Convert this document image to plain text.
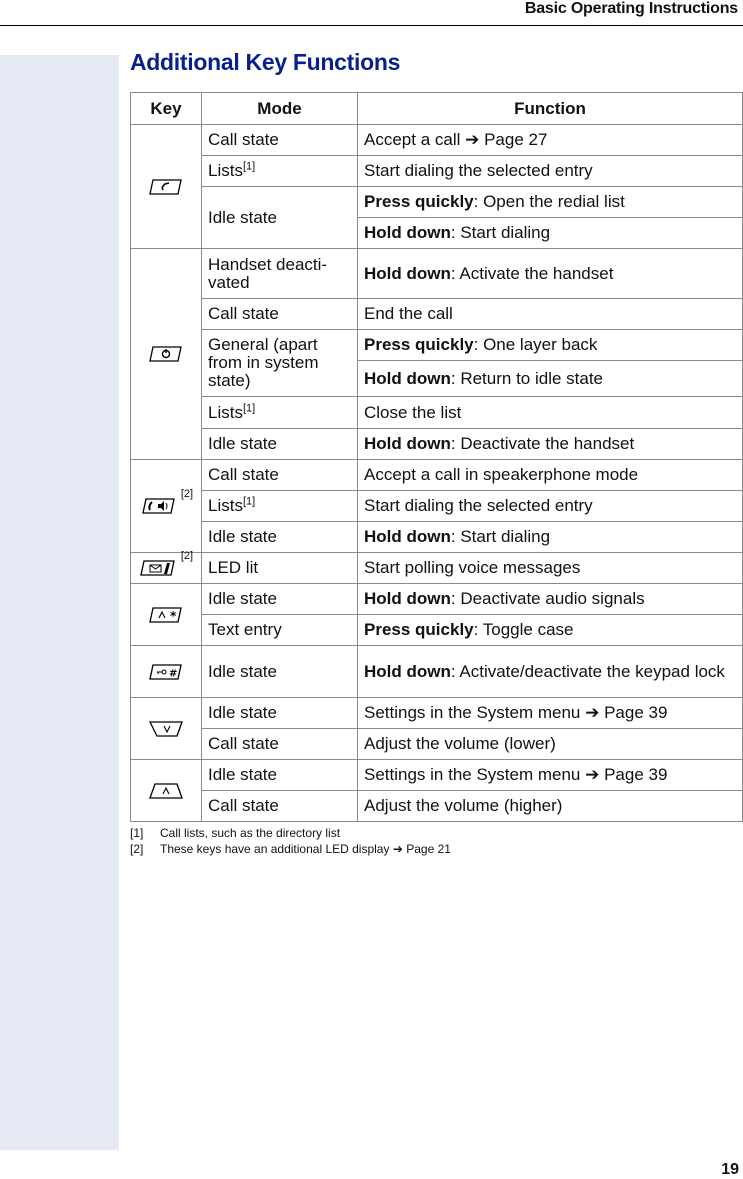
Basic Operating Instructions
Additional Key Functions
Key	Mode	Function

	Call state	Accept a call ➔ Page 27
	Lists[1]	Start dialing the selected entry
	Idle state	Press quickly: Open the redial list
		Hold down: Start dialing

	Handset deacti-vated	Hold down: Activate the handset
	Call state	End the call
	General (apart from in system state)	Press quickly: One layer back
		Hold down: Return to idle state
	Lists[1]	Close the list
	Idle state	Hold down: Deactivate the handset

[2]	Call state	Accept a call in speakerphone mode
	Lists[1]	Start dialing the selected entry
	Idle state	Hold down: Start dialing

[2]	LED lit	Start polling voice messages

*	Idle state	Hold down: Deactivate audio signals
	Text entry	Press quickly: Toggle case

#	Idle state	Hold down: Activate/deactivate the keypad lock

	Idle state	Settings in the System menu ➔ Page 39
	Call state	Adjust the volume (lower)

	Idle state	Settings in the System menu ➔ Page 39
	Call state	Adjust the volume (higher)
[1]	Call lists, such as the directory list
[2]	These keys have an additional LED display ➔ Page 21
19
